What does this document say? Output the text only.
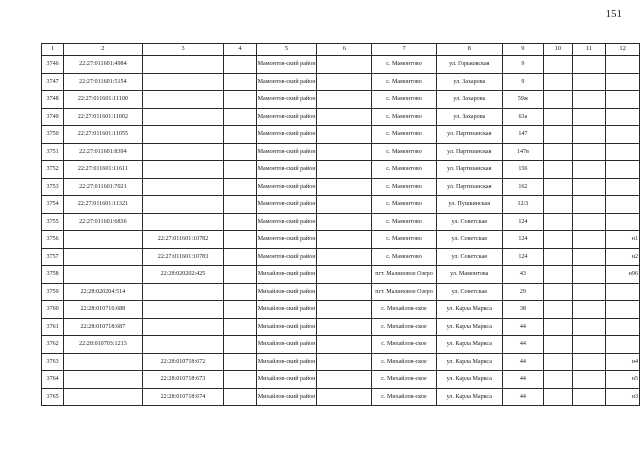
151
1	2	3	4	5	6	7	8	9	10	11	12
3746	22:27:011601:4984			Мамонтов-ский район		с. Мамонтово	ул. Горьковская	9			
3747	22:27:011601:5154			Мамонтов-ский район		с. Мамонтово	ул. Захарова	9			
3748	22:27:011601:11100			Мамонтов-ский район		с. Мамонтово	ул. Захарова	59ж			
3749	22:27:011601:11002			Мамонтов-ский район		с. Мамонтово	ул. Захарова	63а			
3750	22:27:011601:11055			Мамонтов-ский район		с. Мамонтово	ул. Партизанская	147			
3751	22:27:011601:8394			Мамонтов-ский район		с. Мамонтово	ул. Партизанская	147в			
3752	22:27:011601:11611			Мамонтов-ский район		с. Мамонтово	ул. Партизанская	156			
3753	22:27:011601:7021			Мамонтов-ский район		с. Мамонтово	ул. Партизанская	162			
3754	22:27:011601:11321			Мамонтов-ский район		с. Мамонтово	ул. Пушкинская	12/3			
3755	22:27:011601:6836			Мамонтов-ский район		с. Мамонтово	ул. Советская	124			
3756		22:27:011601:10782		Мамонтов-ский район		с. Мамонтово	ул. Советская	124			н1
3757		22:27:011601:10783		Мамонтов-ский район		с. Мамонтово	ул. Советская	124			н2
3758		22:28:020202:425		Михайлов-ский район		пгт. Малиновое Озеро	ул. Мамонтова	43			н96
3759	22:28:020204:514			Михайлов-ский район		пгт. Малиновое Озеро	ул. Советская	29			
3760	22:28:010716:688			Михайлов-ский район		с. Михайлов-ское	ул. Карла Маркса	38			
3761	22:28:010718:687			Михайлов-ский район		с. Михайлов-ское	ул. Карла Маркса	44			
3762	22:28:010703:1213			Михайлов-ский район		с. Михайлов-ское	ул. Карла Маркса	44			
3763		22:28:010718:672		Михайлов-ский район		с. Михайлов-ское	ул. Карла Маркса	44			н4
3764		22:28:010718:673		Михайлов-ский район		с. Михайлов-ское	ул. Карла Маркса	44			н5
3765		22:28:010718:674		Михайлов-ский район		с. Михайлов-ское	ул. Карла Маркса	44			н3
